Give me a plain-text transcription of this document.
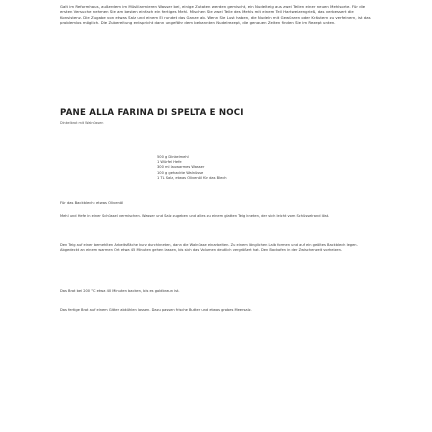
Galt im Reformhaus, außerdem im Müslilarmieren Wasser bei, einige Zutaten werden gemischt, ein Nudelteig aus zwei Teilen einer neuen Mehlsorte. Für die ersten Versuche nehmen Sie am besten einfach ein fertiges Mehl. Mischen Sie zwei Teile des Mehls mit einem Teil Hartweizengrieß, das verbessert die Konsistenz. Die Zugabe von etwas Salz und einem Ei rundet das Ganze ab. Wenn Sie Lust haben, die Nudeln mit Gewürzen oder Kräutern zu verfeinern, ist das problemlos möglich. Die Zubereitung entspricht dann ungefähr dem bekannten Nudelrezept, die genauen Zeiten finden Sie im Rezept unten.
PANE ALLA FARINA DI SPELTA E NOCI
Dinkelbrot mit Walnüssen
500 g Dinkelmehl
1 Würfel Hefe
300 ml lauwarmes Wasser
100 g gehackte Walnüsse
1 TL Salz, etwas Olivenöl für das Blech
Für das Backblech: etwas Olivenöl
Mehl und Hefe in einer Schüssel vermischen. Wasser und Salz zugeben und alles zu einem glatten Teig kneten, der sich leicht vom Schüsselrand löst.
Den Teig auf einer bemehlten Arbeitsfläche kurz durchkneten, dann die Walnüsse einarbeiten. Zu einem länglichen Laib formen und auf ein geöltes Backblech legen. Abgedeckt an einem warmen Ort etwa 45 Minuten gehen lassen, bis sich das Volumen deutlich vergrößert hat. Den Backofen in der Zwischenzeit vorheizen.
Das Brot bei 200 °C etwa 40 Minuten backen, bis es goldbraun ist.
Das fertige Brot auf einem Gitter abkühlen lassen. Dazu passen frische Butter und etwas grobes Meersalz.
